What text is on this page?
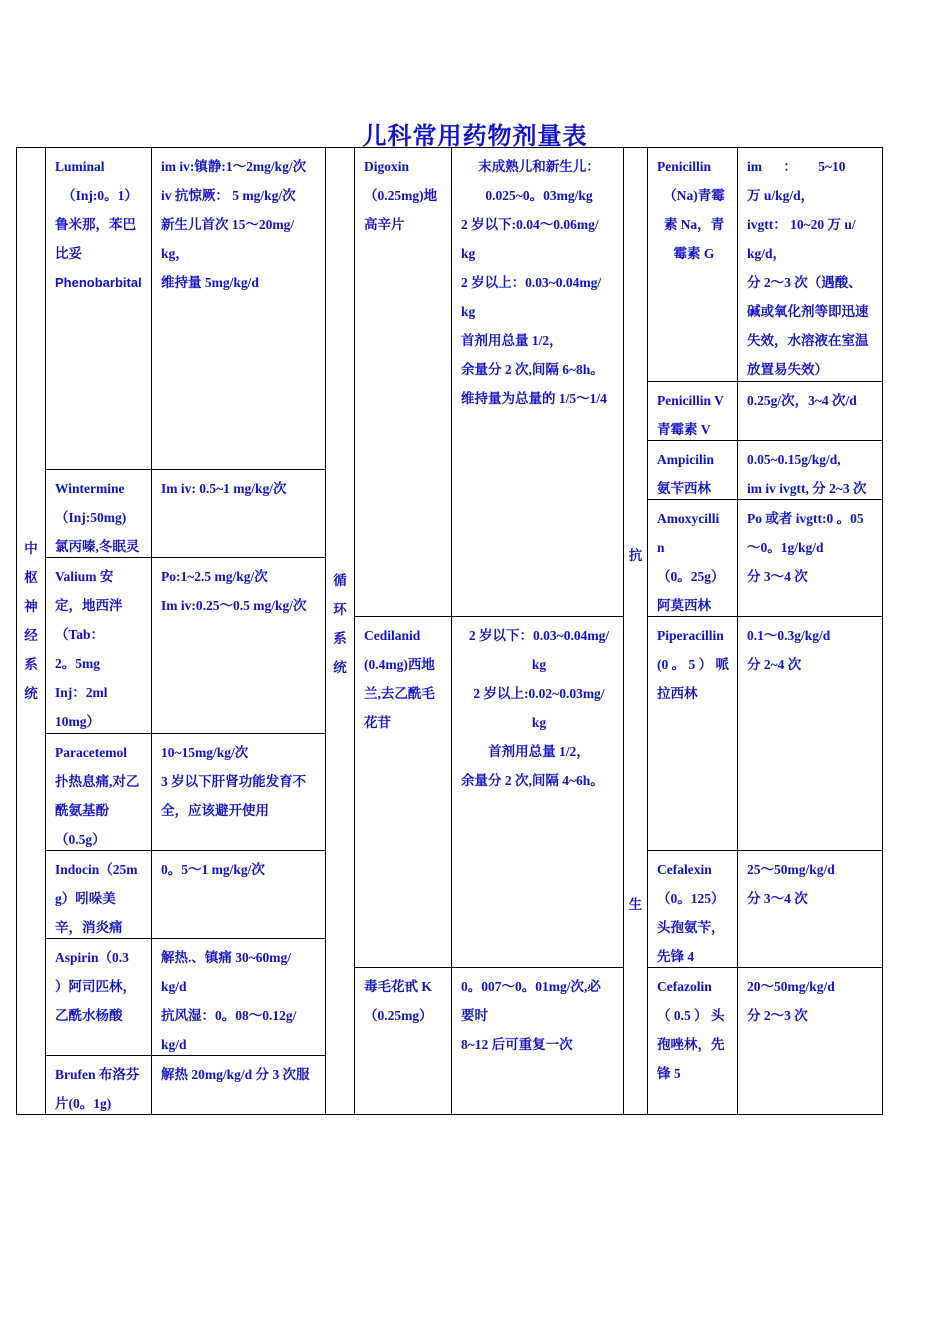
儿科常用药物剂量表
中
枢
神
经
系
统
Luminal
（Inj:0。1）
鲁米那，苯巴
比妥
Phenobarbital
im iv:镇静:1～2mg/kg/次
iv 抗惊厥： 5 mg/kg/次
新生儿首次 15～20mg/
kg，
维持量 5mg/kg/d
Wintermine
（Inj:50mg)
氯丙嗪,冬眠灵
Im iv: 0.5~1 mg/kg/次
Valium 安
定，地西泮
（Tab：
2。5mg
Inj：2ml
10mg）
Po:1~2.5 mg/kg/次
Im iv:0.25～0.5 mg/kg/次
Paracetemol
扑热息痛,对乙
酰氨基酚
（0.5g）
10~15mg/kg/次
3 岁以下肝肾功能发育不
全，应该避开使用
Indocin（25m
g）吲哚美
辛，消炎痛
0。5～1 mg/kg/次
Aspirin（0.3
）阿司匹林，
乙酰水杨酸
解热.、镇痛 30~60mg/
kg/d
抗风湿：0。08～0.12g/
kg/d
Brufen 布洛芬
片(0。1g)
解热 20mg/kg/d 分 3 次服
循
环
系
统
Digoxin
（0.25mg)地
高辛片
末成熟儿和新生儿：
0.025~0。03mg/kg
2 岁以下:0.04～0.06mg/
kg
2 岁以上：0.03~0.04mg/
kg
首剂用总量 1/2，
余量分 2 次,间隔 6~8h。
维持量为总量的 1/5～1/4
Cedilanid
(0.4mg)西地
兰,去乙酰毛
花苷
2 岁以下：0.03~0.04mg/
kg
2 岁以上:0.02~0.03mg/
kg
首剂用总量 1/2，
余量分 2 次,间隔 4~6h。
毒毛花甙 K
（0.25mg）
0。007～0。01mg/次,必
要时
8~12 后可重复一次
抗
生
Penicillin
（Na)青霉
素 Na，青
霉素 G
im ： 5~10
万 u/kg/d，
ivgtt： 10~20 万 u/
kg/d，
分 2～3 次（遇酸、
碱或氧化剂等即迅速
失效，水溶液在室温
放置易失效）
Penicillin V
青霉素 V
0.25g/次，3~4 次/d
Ampicilin
氨苄西林
0.05~0.15g/kg/d,
im iv ivgtt, 分 2~3 次
Amoxycilli
n
（0。25g）
阿莫西林
Po 或者 ivgtt:0 。05
～0。1g/kg/d
分 3～4 次
Piperacillin
(0 。 5 ） 哌
拉西林
0.1～0.3g/kg/d
分 2~4 次
Cefalexin
（0。125）
头孢氨苄，
先锋 4
25～50mg/kg/d
分 3～4 次
Cefazolin
（ 0.5 ） 头
孢唑林，先
锋 5
20～50mg/kg/d
分 2～3 次
